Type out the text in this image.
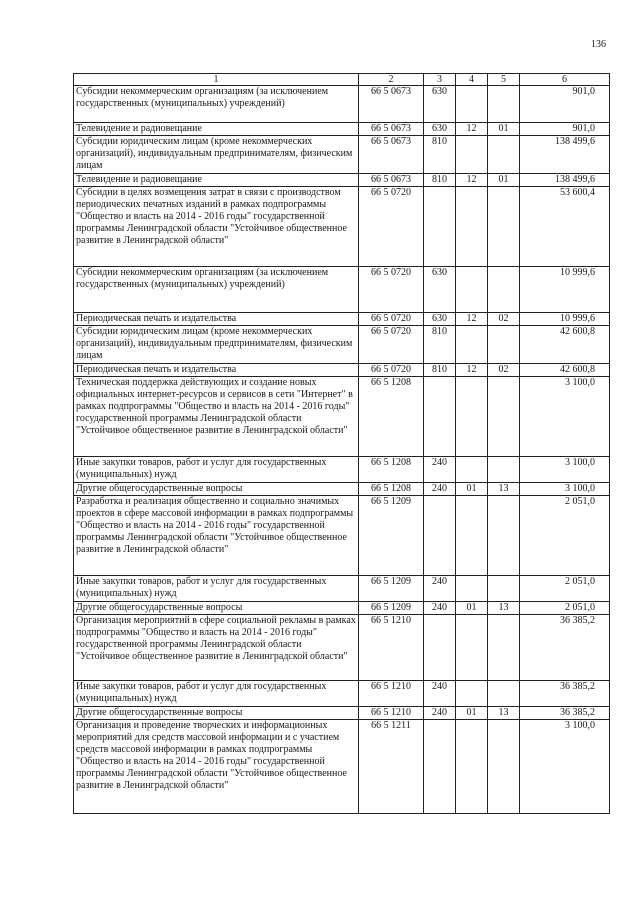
136
1	2	3	4	5	6
Субсидии некоммерческим организациям (за исключением государственных (муниципальных) учреждений)	66 5 0673	630			901,0
Телевидение и радиовещание	66 5 0673	630	12	01	901,0
Субсидии юридическим лицам (кроме некоммерческих организаций), индивидуальным предпринимателям, физическим лицам	66 5 0673	810			138 499,6
Телевидение и радиовещание	66 5 0673	810	12	01	138 499,6
Субсидии в целях возмещения затрат в связи с производством периодических печатных изданий в рамках подпрограммы "Общество и власть на 2014 - 2016 годы" государственной программы Ленинградской области "Устойчивое общественное развитие в Ленинградской области"	66 5 0720				53 600,4
Субсидии некоммерческим организациям (за исключением государственных (муниципальных) учреждений)	66 5 0720	630			10 999,6
Периодическая печать и издательства	66 5 0720	630	12	02	10 999,6
Субсидии юридическим лицам (кроме некоммерческих организаций), индивидуальным предпринимателям, физическим лицам	66 5 0720	810			42 600,8
Периодическая печать и издательства	66 5 0720	810	12	02	42 600,8
Техническая поддержка действующих и создание новых официальных интернет-ресурсов и сервисов в сети "Интернет" в рамках подпрограммы "Общество и власть на 2014 - 2016 годы" государственной программы Ленинградской области "Устойчивое общественное развитие в Ленинградской области"	66 5 1208				3 100,0
Иные закупки товаров, работ и услуг для государственных (муниципальных) нужд	66 5 1208	240			3 100,0
Другие общегосударственные вопросы	66 5 1208	240	01	13	3 100,0
Разработка и реализация общественно и социально значимых проектов в сфере массовой информации в рамках подпрограммы "Общество и власть на 2014 - 2016 годы" государственной программы Ленинградской области "Устойчивое общественное развитие в Ленинградской области"	66 5 1209				2 051,0
Иные закупки товаров, работ и услуг для государственных (муниципальных) нужд	66 5 1209	240			2 051,0
Другие общегосударственные вопросы	66 5 1209	240	01	13	2 051,0
Организация мероприятий в сфере социальной рекламы в рамках подпрограммы "Общество и власть на 2014 - 2016 годы" государственной программы Ленинградской области "Устойчивое общественное развитие в Ленинградской области"	66 5 1210				36 385,2
Иные закупки товаров, работ и услуг для государственных (муниципальных) нужд	66 5 1210	240			36 385,2
Другие общегосударственные вопросы	66 5 1210	240	01	13	36 385,2
Организация и проведение творческих и информационных мероприятий для средств массовой информации и с участием средств массовой информации в рамках подпрограммы "Общество и власть на 2014 - 2016 годы" государственной программы Ленинградской области "Устойчивое общественное развитие в Ленинградской области"	66 5 1211				3 100,0
